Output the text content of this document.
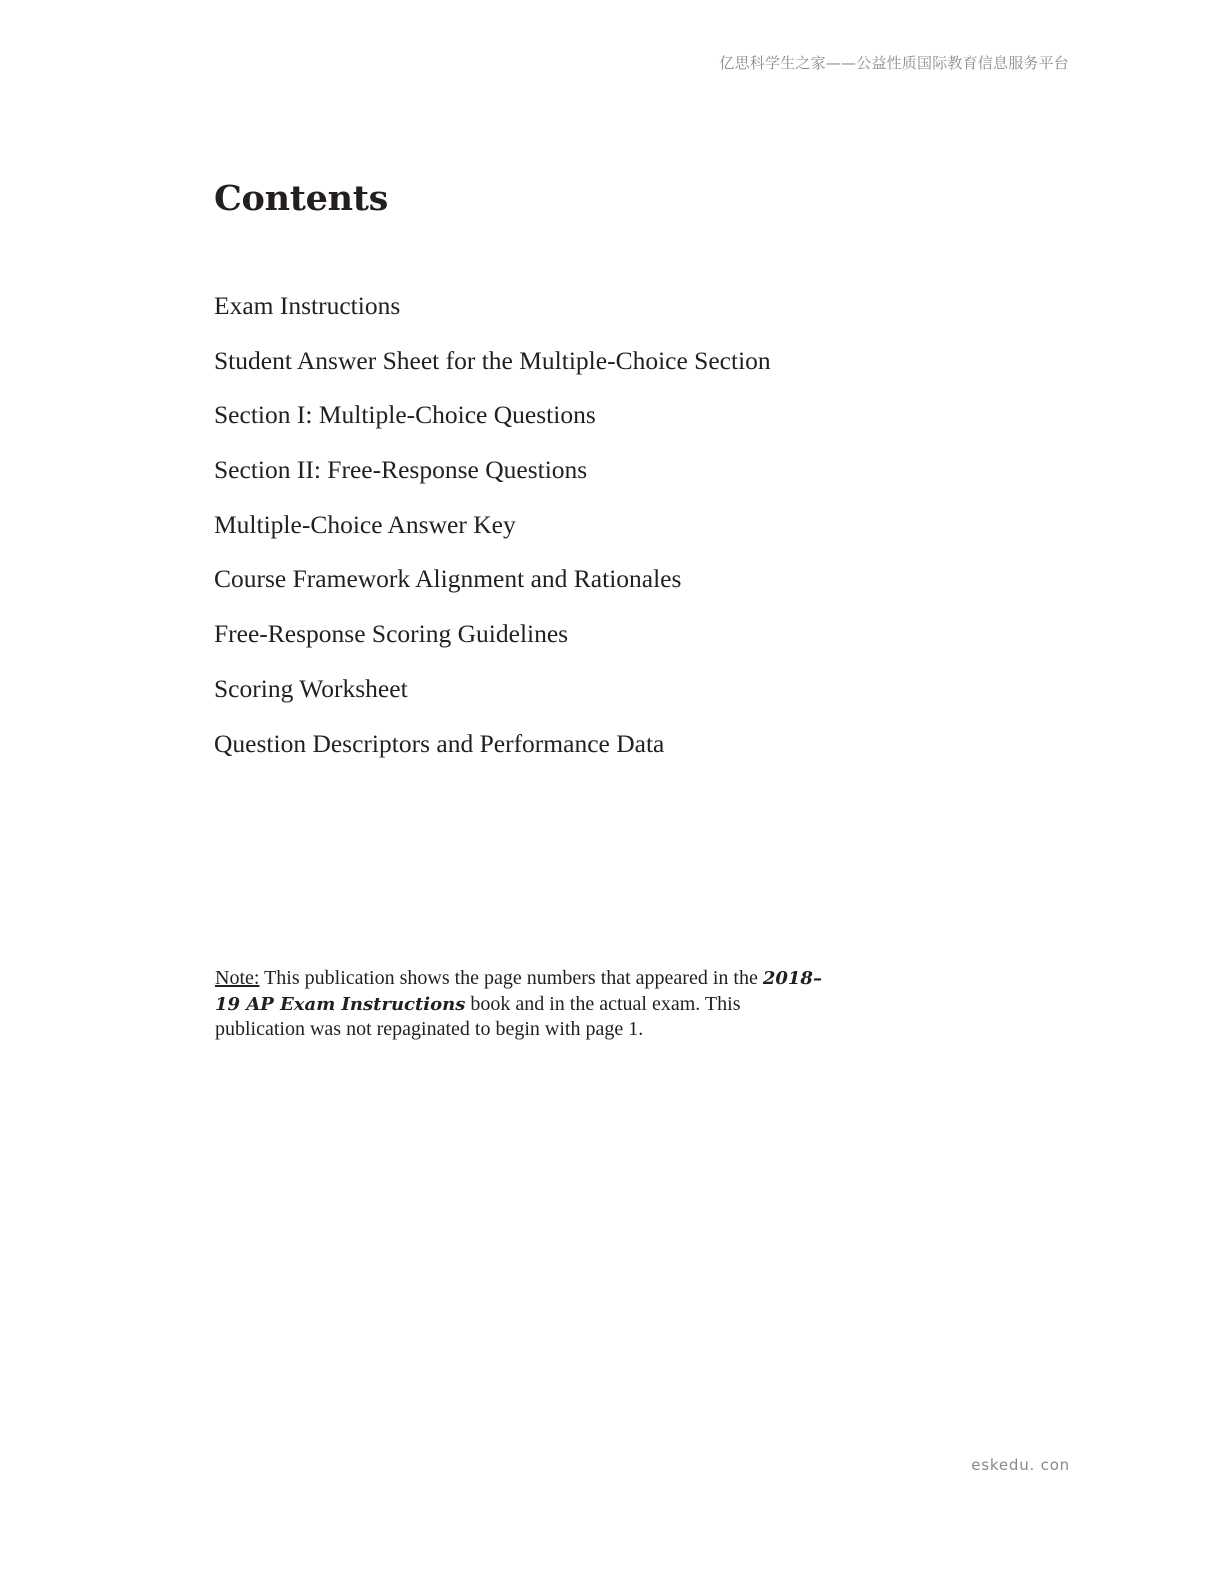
亿思科学生之家——公益性质国际教育信息服务平台
Contents
Exam Instructions
Student Answer Sheet for the Multiple-Choice Section
Section I: Multiple-Choice Questions
Section II: Free-Response Questions
Multiple-Choice Answer Key
Course Framework Alignment and Rationales
Free-Response Scoring Guidelines
Scoring Worksheet
Question Descriptors and Performance Data

Note: This publication shows the page numbers that appeared in the 2018–19 AP Exam Instructions book and in the actual exam. This publication was not repaginated to begin with page 1.

eskedu. con
